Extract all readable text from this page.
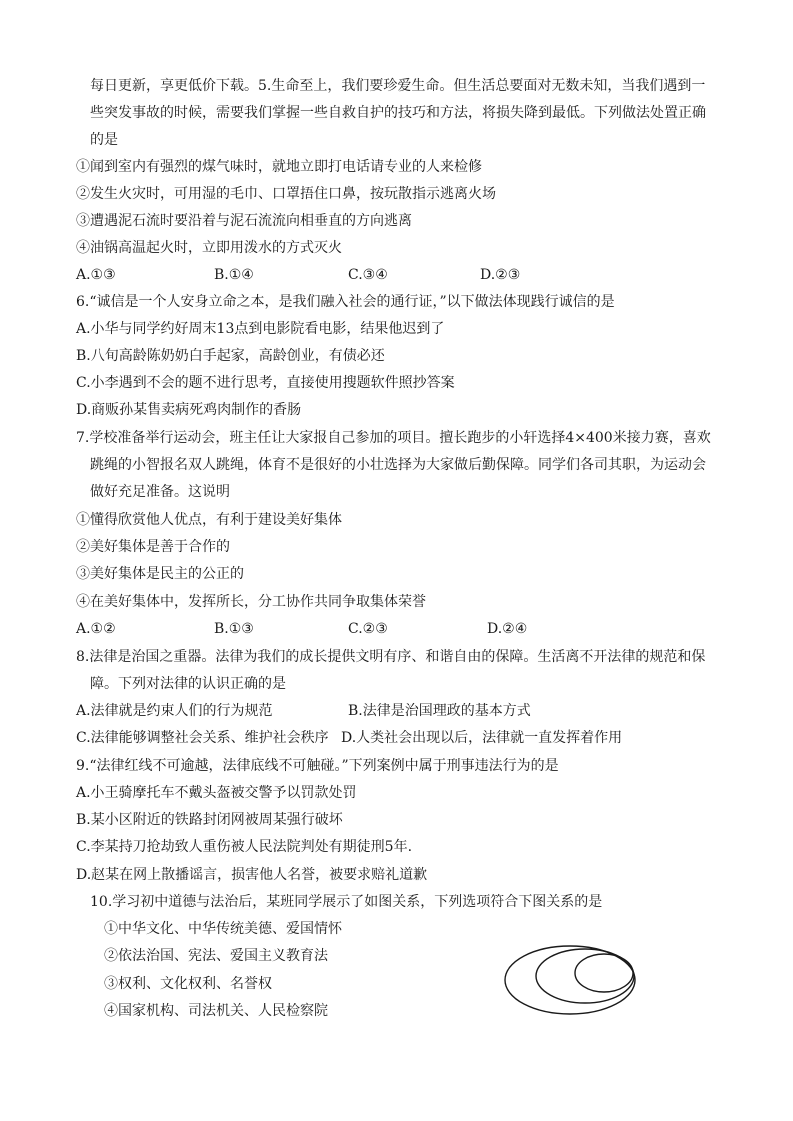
每日更新，享更低价下载。5.生命至上，我们要珍爱生命。但生活总要面对无数未知，当我们遇到一
些突发事故的时候，需要我们掌握一些自救自护的技巧和方法，将损失降到最低。下列做法处置正确
的是
①闻到室内有强烈的煤气味时，就地立即打电话请专业的人来检修
②发生火灾时，可用湿的毛巾、口罩捂住口鼻，按玩散指示逃离火场
③遭遇泥石流时要沿着与泥石流流向相垂直的方向逃离
④油锅高温起火时，立即用泼水的方式灭火
A.①③	B.①④	C.③④	D.②③
6.“诚信是一个人安身立命之本，是我们融入社会的通行证，”以下做法体现践行诚信的是
A.小华与同学约好周末13点到电影院看电影，结果他迟到了
B.八旬高龄陈奶奶白手起家，高龄创业，有债必还
C.小李遇到不会的题不进行思考，直接使用搜题软件照抄答案
D.商贩孙某售卖病死鸡肉制作的香肠
7.学校准备举行运动会，班主任让大家报自己参加的项目。擅长跑步的小轩选择4×400米接力赛，喜欢
跳绳的小智报名双人跳绳，体育不是很好的小壮选择为大家做后勤保障。同学们各司其职，为运动会
做好充足准备。这说明
①懂得欣赏他人优点，有利于建设美好集体
②美好集体是善于合作的
③美好集体是民主的公正的
④在美好集体中，发挥所长，分工协作共同争取集体荣誉
A.①②	B.①③	C.②③	D.②④
8.法律是治国之重器。法律为我们的成长提供文明有序、和谐自由的保障。生活离不开法律的规范和保
障。下列对法律的认识正确的是
A.法律就是约束人们的行为规范	B.法律是治国理政的基本方式
C.法律能够调整社会关系、维护社会秩序 D.人类社会出现以后，法律就一直发挥着作用
9.“法律红线不可逾越，法律底线不可触碰。”下列案例中属于刑事违法行为的是
A.小王骑摩托车不戴头盔被交警予以罚款处罚
B.某小区附近的铁路封闭网被周某强行破坏
C.李某持刀抢劫致人重伤被人民法院判处有期徒刑5年.
D.赵某在网上散播谣言，损害他人名誉，被要求赔礼道歉
10.学习初中道德与法治后，某班同学展示了如图关系，下列选项符合下图关系的是
①中华文化、中华传统美德、爱国情怀
②依法治国、宪法、爱国主义教育法
③权利、文化权利、名誉权
④国家机构、司法机关、人民检察院
